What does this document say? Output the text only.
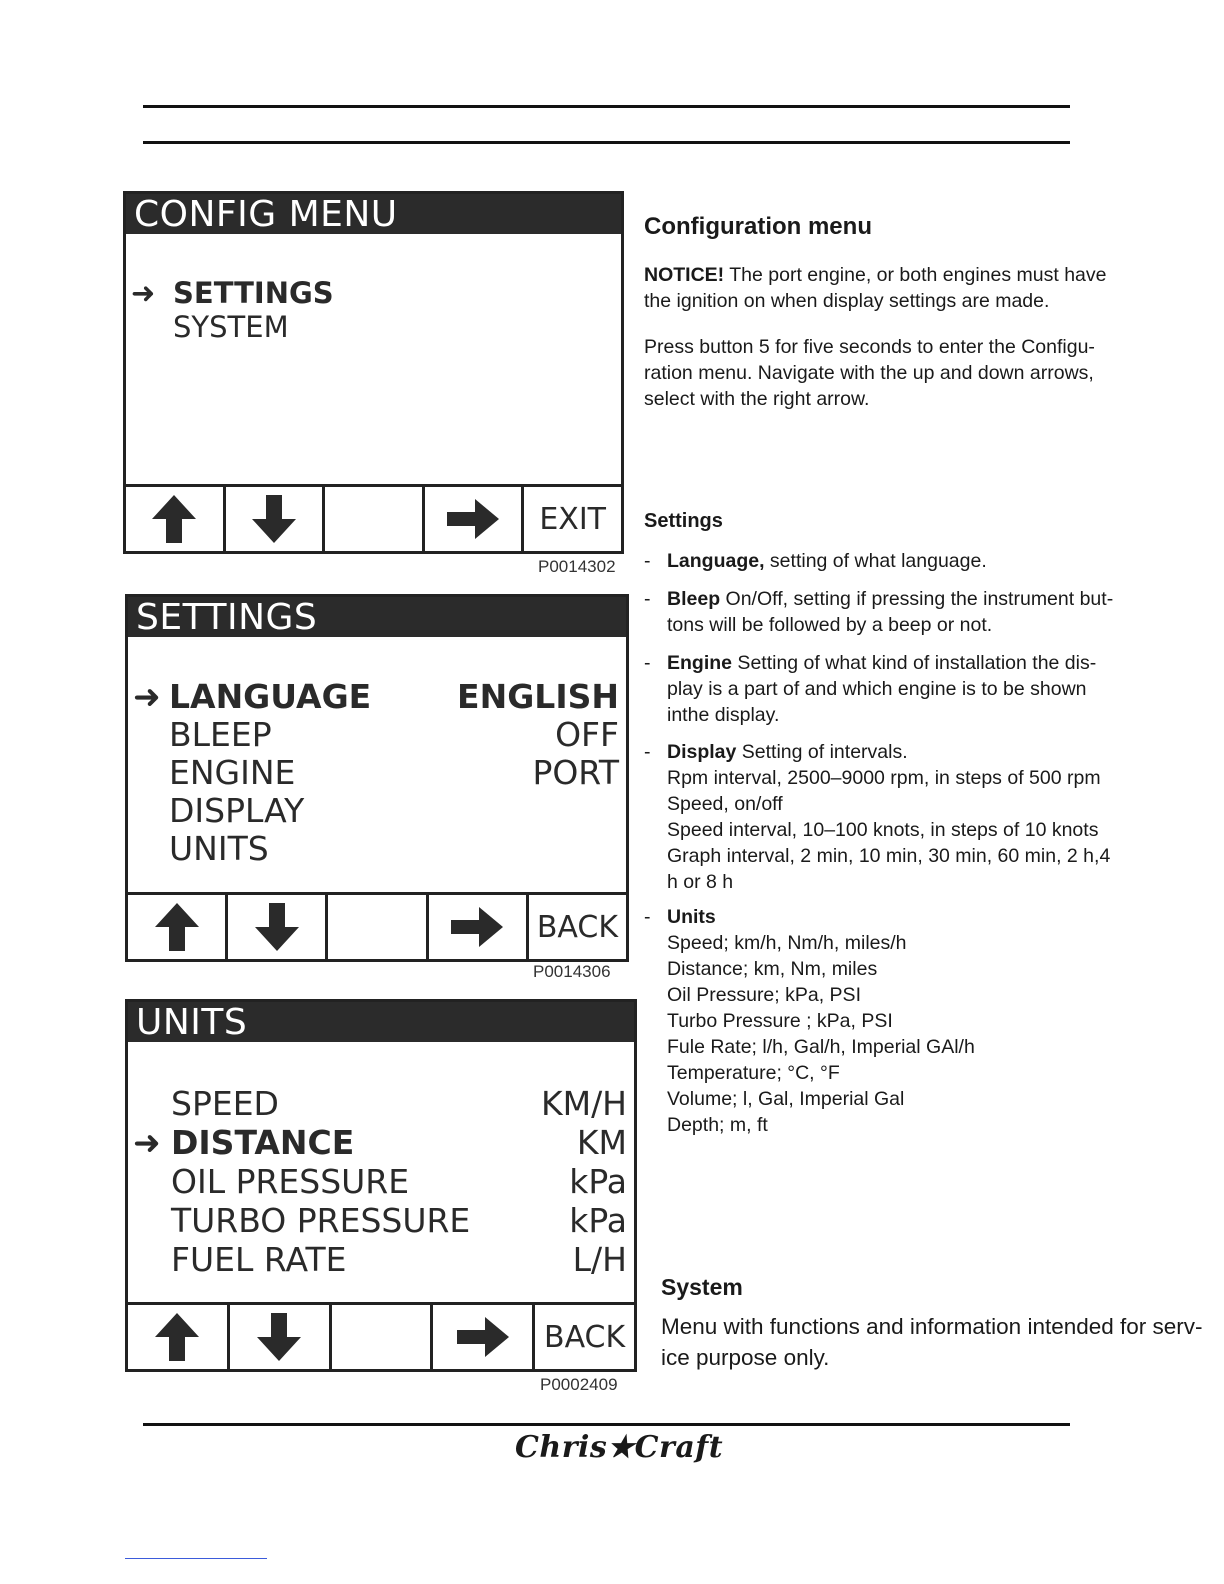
CONFIG MENU
➜ SETTINGS
SYSTEM
EXIT
P0014302
SETTINGS
➜ LANGUAGE	ENGLISH
BLEEP	OFF
ENGINE	PORT
DISPLAY
UNITS
BACK
P0014306
UNITS
SPEED	KM/H
➜ DISTANCE	KM
OIL PRESSURE	kPa
TURBO PRESSURE	kPa
FUEL RATE	L/H
BACK
P0002409
Configuration menu
NOTICE! The port engine, or both engines must have
the ignition on when display settings are made.
Press button 5 for five seconds to enter the Configu-
ration menu. Navigate with the up and down arrows,
select with the right arrow.
Settings
- Language, setting of what language.
- Bleep On/Off, setting if pressing the instrument but-
tons will be followed by a beep or not.
- Engine Setting of what kind of installation the dis-
play is a part of and which engine is to be shown
inthe display.
- Display Setting of intervals.
Rpm interval, 2500–9000 rpm, in steps of 500 rpm
Speed, on/off
Speed interval, 10–100 knots, in steps of 10 knots
Graph interval, 2 min, 10 min, 30 min, 60 min, 2 h,4
h or 8 h
- Units
Speed; km/h, Nm/h, miles/h
Distance; km, Nm, miles
Oil Pressure; kPa, PSI
Turbo Pressure ; kPa, PSI
Fule Rate; l/h, Gal/h, Imperial GAl/h
Temperature; °C, °F
Volume; l, Gal, Imperial Gal
Depth; m, ft
System
Menu with functions and information intended for serv-
ice purpose only.
Chris★Craft
